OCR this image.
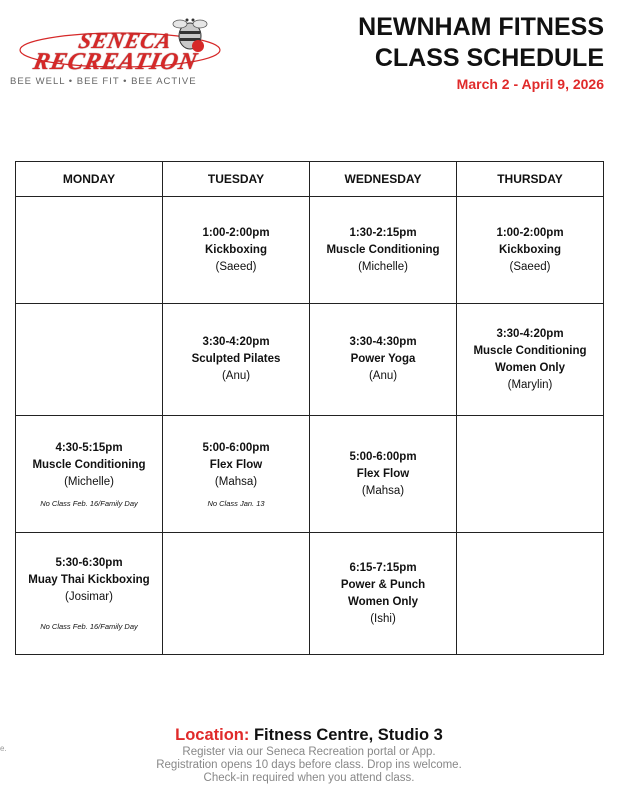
SENECA
RECREATION
BEE WELL • BEE FIT • BEE ACTIVE
NEWNHAM FITNESS
CLASS SCHEDULE
March 2 - April 9, 2026
MONDAY	TUESDAY	WEDNESDAY	THURSDAY

	1:00-2:00pm
Kickboxing
(Saeed)	1:30-2:15pm
Muscle Conditioning
(Michelle)	1:00-2:00pm
Kickboxing
(Saeed)

	3:30-4:20pm
Sculpted Pilates
(Anu)	3:30-4:30pm
Power Yoga
(Anu)	3:30-4:20pm
Muscle Conditioning
Women Only
(Marylin)

4:30-5:15pm
Muscle Conditioning
(Michelle)
No Class Feb. 16/Family Day	5:00-6:00pm
Flex Flow
(Mahsa)
No Class Jan. 13	5:00-6:00pm
Flex Flow
(Mahsa)	

5:30-6:30pm
Muay Thai Kickboxing
(Josimar)
No Class Feb. 16/Family Day		6:15-7:15pm
Power & Punch
Women Only
(Ishi)	

e.
Location: Fitness Centre, Studio 3
Register via our Seneca Recreation portal or App.
Registration opens 10 days before class. Drop ins welcome.
Check-in required when you attend class.
